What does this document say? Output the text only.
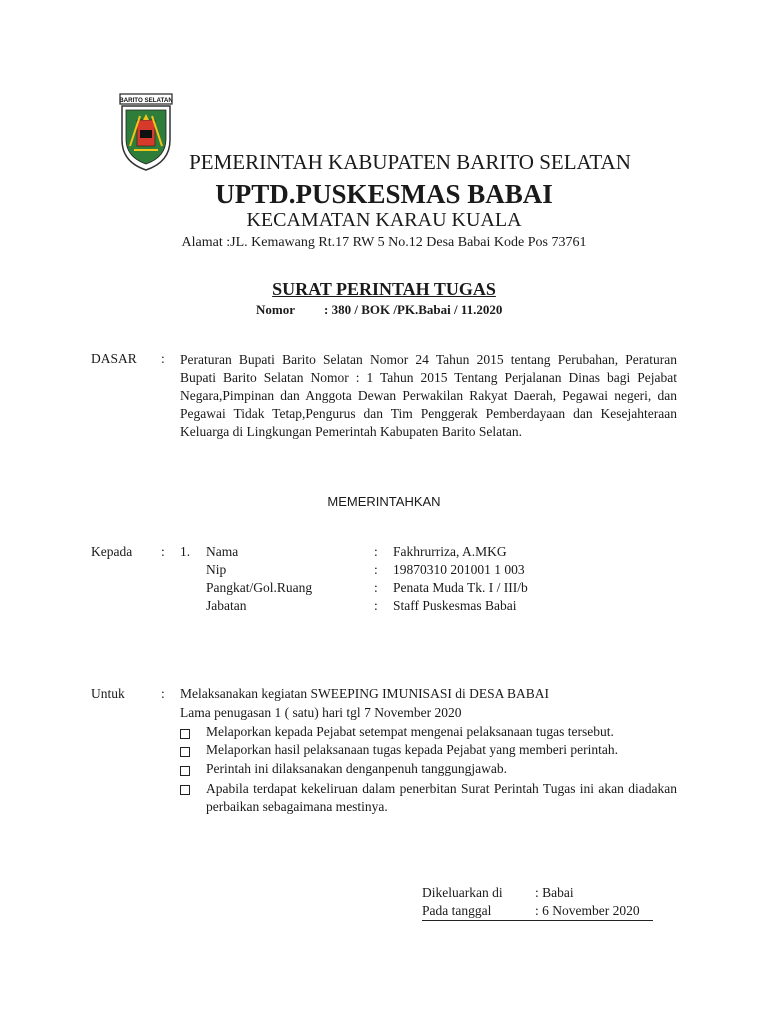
BARITO SELATAN
PEMERINTAH KABUPATEN BARITO SELATAN
UPTD.PUSKESMAS BABAI
KECAMATAN KARAU KUALA
Alamat :JL. Kemawang Rt.17 RW 5 No.12 Desa Babai Kode Pos 73761
SURAT PERINTAH TUGAS
Nomor : 380 / BOK /PK.Babai / 11.2020
DASAR : Peraturan Bupati Barito Selatan Nomor 24 Tahun 2015 tentang Perubahan, Peraturan Bupati Barito Selatan Nomor : 1 Tahun 2015 Tentang Perjalanan Dinas bagi Pejabat Negara,Pimpinan dan Anggota Dewan Perwakilan Rakyat Daerah, Pegawai negeri, dan Pegawai Tidak Tetap,Pengurus dan Tim Penggerak Pemberdayaan dan Kesejahteraan Keluarga di Lingkungan Pemerintah Kabupaten Barito Selatan.
MEMERINTAHKAN
Kepada : 1. Nama	: Fakhrurriza, A.MKG
Nip	: 19870310 201001 1 003
Pangkat/Gol.Ruang	: Penata Muda Tk. I / III/b
Jabatan	: Staff Puskesmas Babai
Untuk	: Melaksanakan kegiatan SWEEPING IMUNISASI di DESA BABAI
Lama penugasan 1 ( satu) hari tgl 7 November 2020
Melaporkan kepada Pejabat setempat mengenai pelaksanaan tugas tersebut.
Melaporkan hasil pelaksanaan tugas kepada Pejabat yang memberi perintah.
Perintah ini dilaksanakan denganpenuh tanggungjawab.
Apabila terdapat kekeliruan dalam penerbitan Surat Perintah Tugas ini akan diadakan perbaikan sebagaimana mestinya.
Dikeluarkan di : Babai
Pada tanggal	: 6 November 2020
